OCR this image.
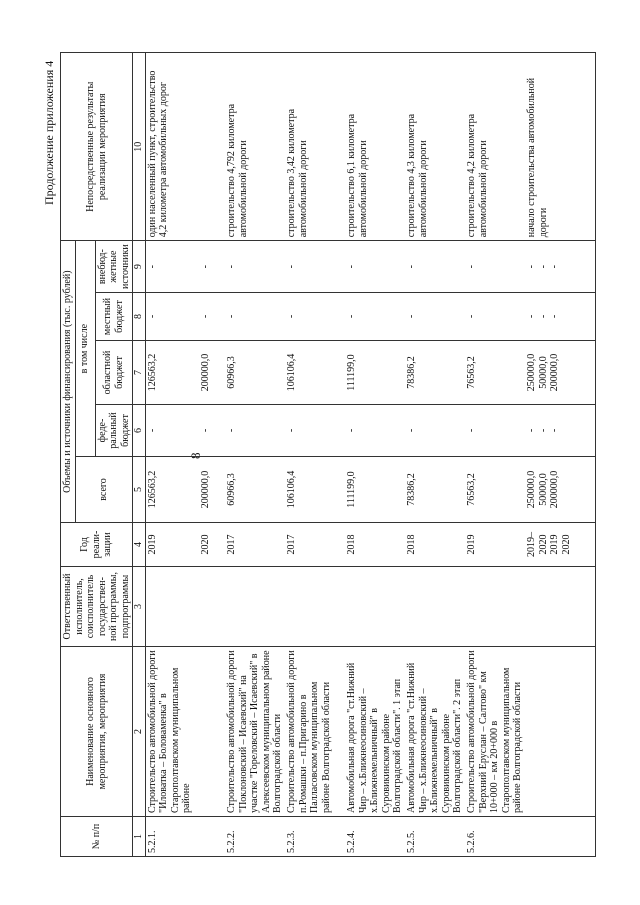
8
Продолжение приложения 4
№ п/п	Наименование основного мероприятия, мероприятия	Ответственный исполнитель, соисполнитель государствен-ной программы, подпрограммы	Год реали-зации	Объемы и источники финансирования (тыс. рублей)					Непосредственные результаты реализации мероприятия
				всего	в том числе				
					феде-ральный бюджет	областной бюджет	местный бюджет	внебюд-жетные источники	
1	2	3	4	5	6	7	8	9	10
5.2.1.	Строительство автомобильной дороги "Иловатка – Боловаменка" в Старополтавском муниципальном районе		2019 2020	126563,2 200000,0	- -	126563,2 200000,0	- -	- -	один населенный пункт, строительство 4,2 километра автомобильных дорог
5.2.2.	Строительство автомобильной дороги "Поклоновский – Исаевский" на участке "Гореловский – Исаевский" в Алексеевском муниципальном районе Волгоградской области		2017	60966,3	-	60966,3	-	-	строительство 4,792 километра автомобильной дороги
5.2.3.	Строительство автомобильной дороги п.Ромашки – п.Пригарино в Палласовском муниципальном районе Волгоградской области		2017	106106,4	-	106106,4	-	-	строительство 3,42 километра автомобильной дороги
5.2.4.	Автомобильная дорога "ст.Нижний Чир – х.Ближнеосиновский – х.Ближнемельничный" в Суровикинском районе Волгоградской области". 1 этап		2018	111199,0	-	111199,0	-	-	строительство 6,1 километра автомобильной дороги
5.2.5.	Автомобильная дорога "ст.Нижний Чир – х.Ближнеосиновский – х.Ближнемельничный" в Суровикинском районе Волгоградской области". 2 этап		2018	78386,2	-	78386,2	-	-	строительство 4,3 километра автомобильной дороги
5.2.6.	Строительство автомобильной дороги "Верхний Еруслан – Салтово" км 10+000 – км 20+000 в Старополтавском муниципальном районе Волгоградской области		2019	76563,2	-	76563,2	-	-	строительство 4,2 километра автомобильной дороги

			2019–2020 2019 2020	250000,0 50000,0 200000,0	- - -	250000,0 50000,0 200000,0	- - -	- - -	начало строительства автомобильной дороги
